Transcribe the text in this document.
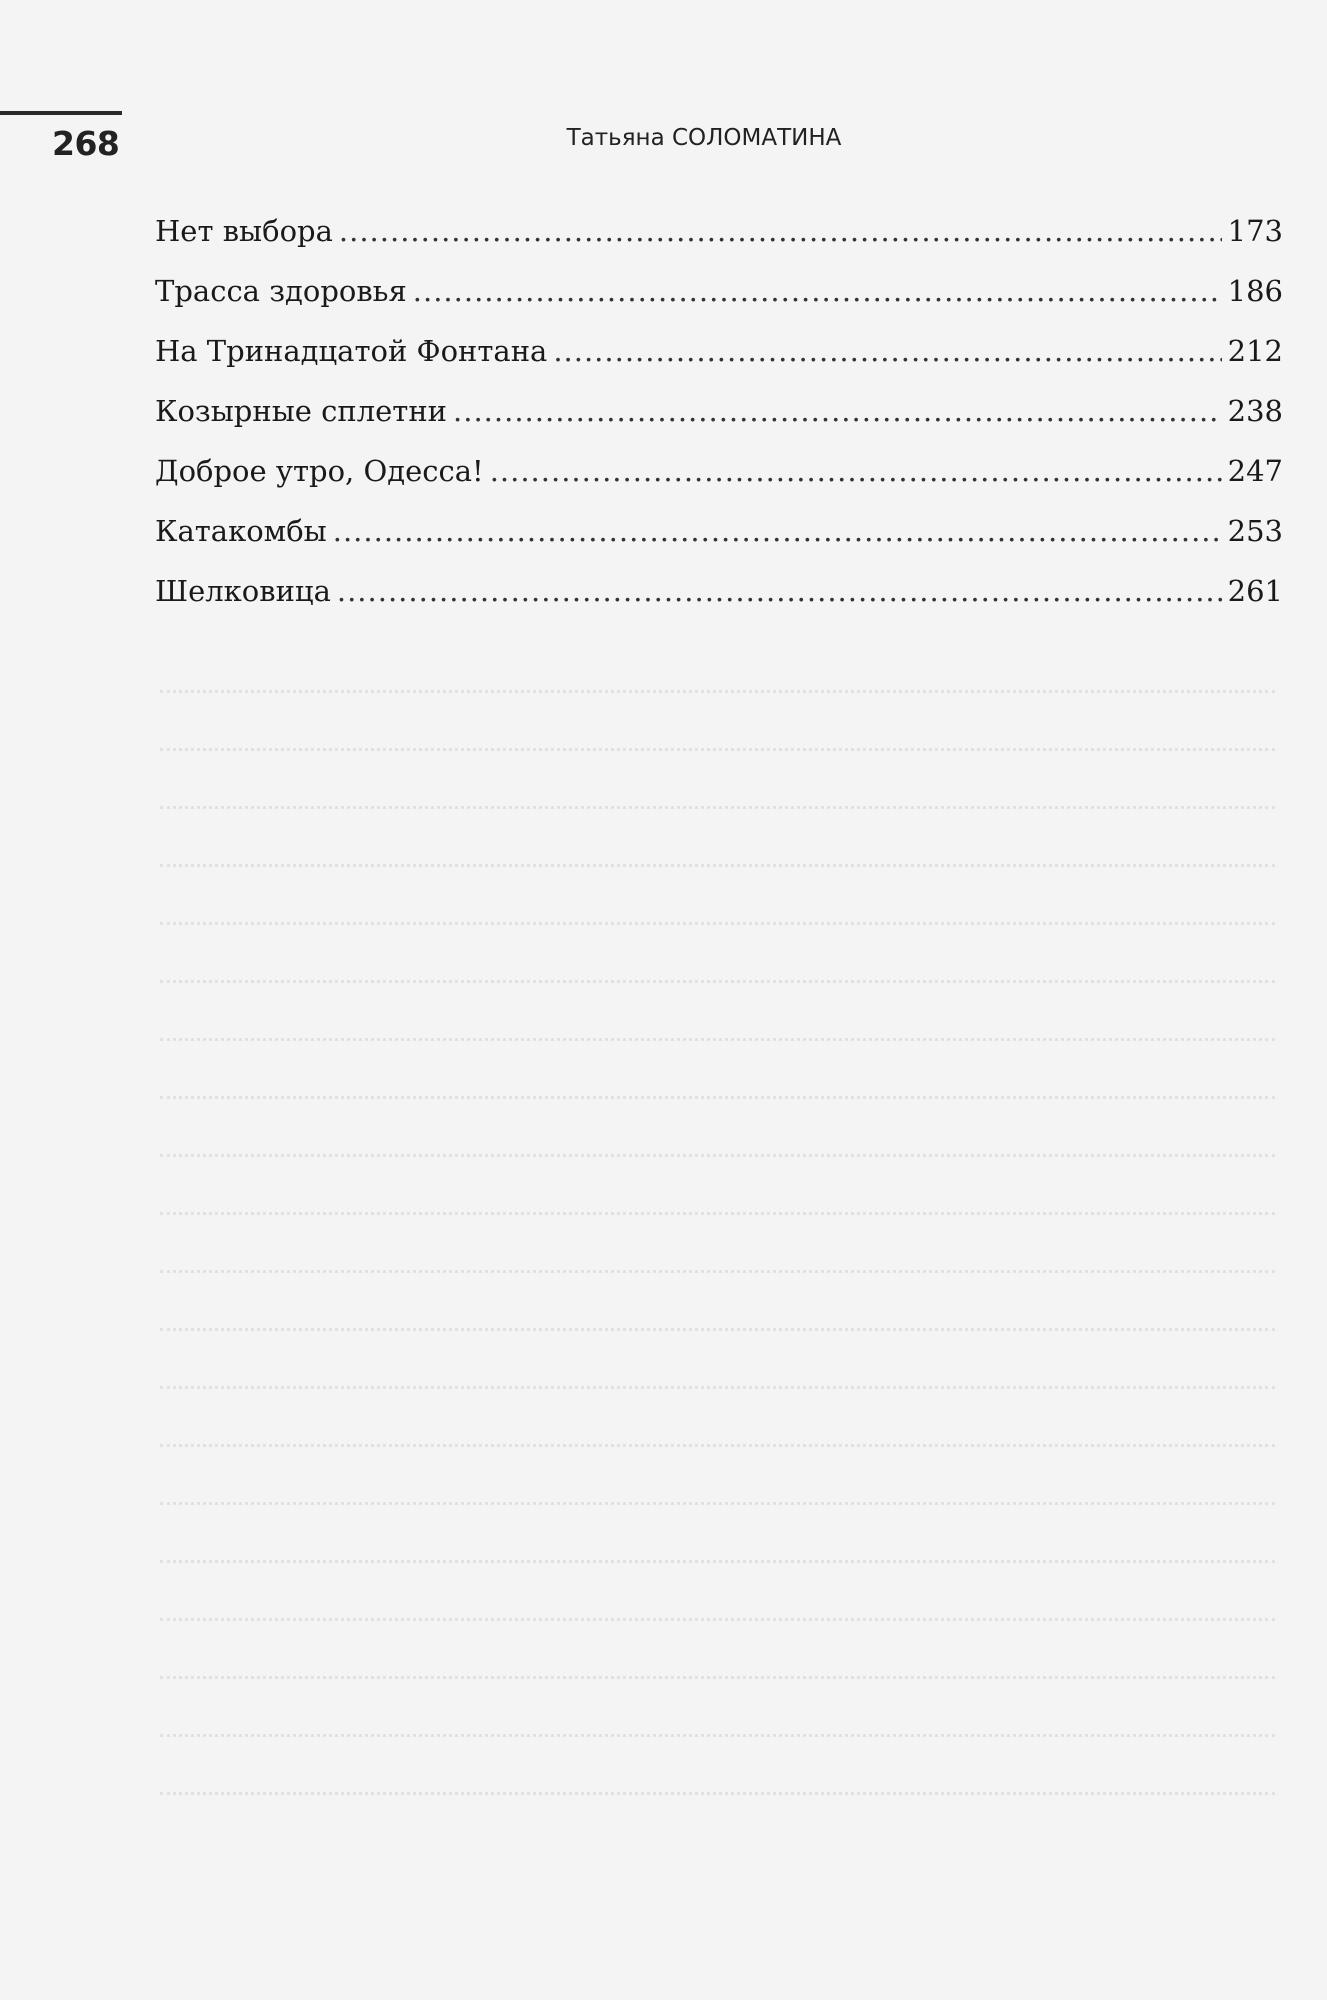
268	Татьяна СОЛОМАТИНА
Нет выбора .....	173
Трасса здоровья .....	186
На Тринадцатой Фонтана .....	212
Козырные сплетни .....	238
Доброе утро, Одесса! .....	247
Катакомбы .....	253
Шелковица .....	261
